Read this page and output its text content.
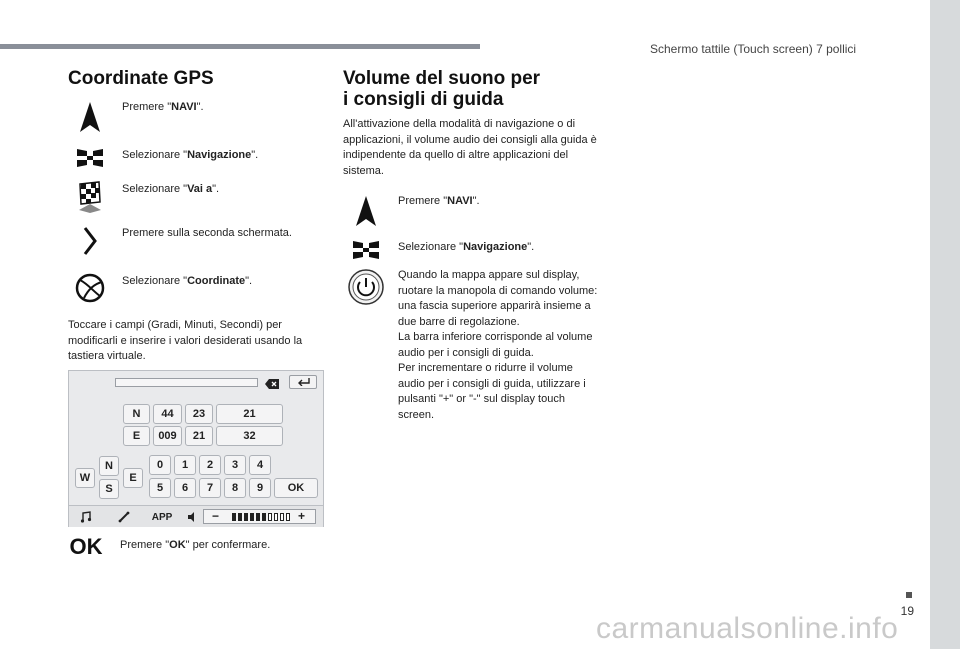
Schermo tattile (Touch screen) 7 pollici
19
Coordinate GPS
Premere "NAVI".
Selezionare "Navigazione".
Selezionare "Vai a".
Premere sulla seconda schermata.
Selezionare "Coordinate".
Toccare i campi (Gradi, Minuti, Secondi) per modificarli e inserire i valori desiderati usando la tastiera virtuale.
N	44	23	21
E	009	21	32
N
W	E
S
0	1	2	3	4
5	6	7	8	9	OK
APP	−	+
OK Premere "OK" per confermare.
Volume del suono per
i consigli di guida
All'attivazione della modalità di navigazione o di applicazioni, il volume audio dei consigli alla guida è indipendente da quello di altre applicazioni del sistema.
Premere "NAVI".
Selezionare "Navigazione".
Quando la mappa appare sul display, ruotare la manopola di comando volume: una fascia superiore apparirà insieme a due barre di regolazione.
La barra inferiore corrisponde al volume audio per i consigli di guida.
Per incrementare o ridurre il volume audio per i consigli di guida, utilizzare i pulsanti "+" or "-" sul display touch screen.
carmanualsonline.info
